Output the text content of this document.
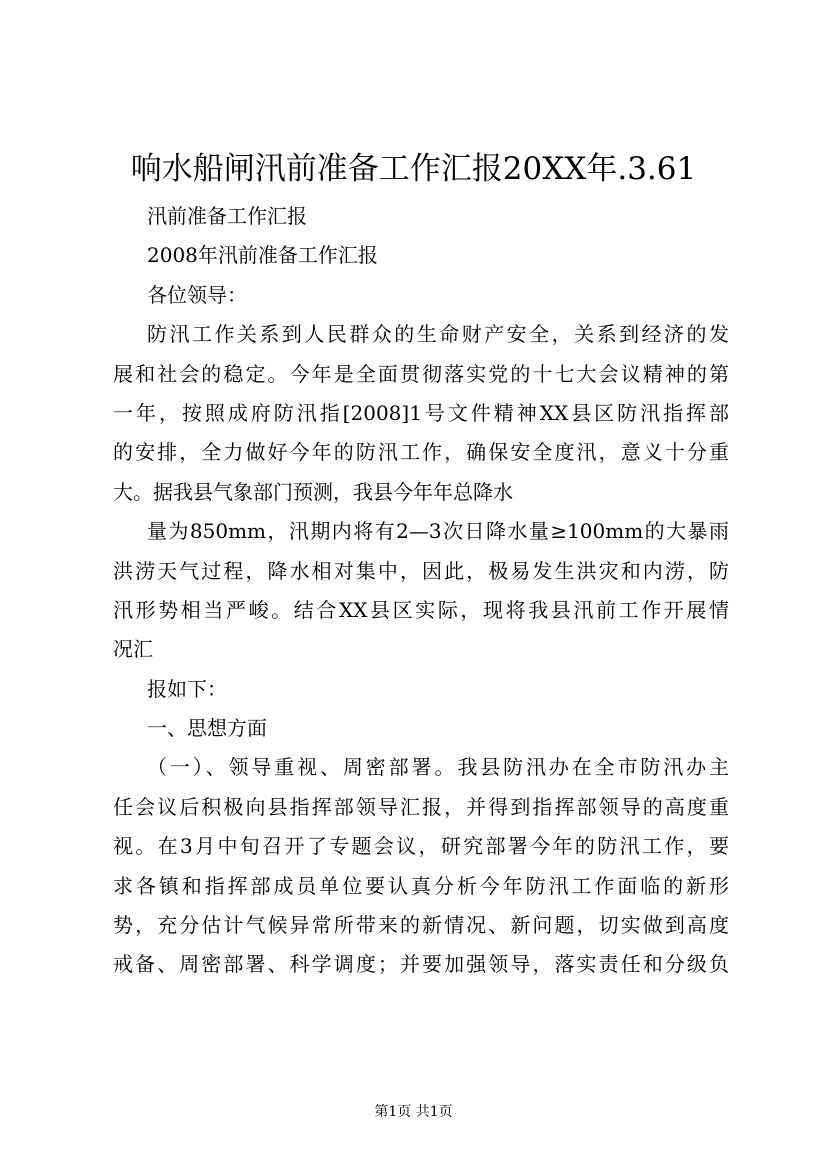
响水船闸汛前准备工作汇报20XX年.3.61
汛前准备工作汇报
2008年汛前准备工作汇报
各位领导：
防汛工作关系到人民群众的生命财产安全，关系到经济的发
展和社会的稳定。今年是全面贯彻落实党的十七大会议精神的第
一年，按照成府防汛指[2008]1号文件精神XX县区防汛指挥部
的安排，全力做好今年的防汛工作，确保安全度汛，意义十分重
大。据我县气象部门预测，我县今年年总降水
量为850mm，汛期内将有2—3次日降水量≥100mm的大暴雨
洪涝天气过程，降水相对集中，因此，极易发生洪灾和内涝，防
汛形势相当严峻。结合XX县区实际，现将我县汛前工作开展情
况汇
报如下：
一、思想方面
（一）、领导重视、周密部署。我县防汛办在全市防汛办主
任会议后积极向县指挥部领导汇报，并得到指挥部领导的高度重
视。在3月中旬召开了专题会议，研究部署今年的防汛工作，要
求各镇和指挥部成员单位要认真分析今年防汛工作面临的新形
势，充分估计气候异常所带来的新情况、新问题，切实做到高度
戒备、周密部署、科学调度；并要加强领导，落实责任和分级负
第1页 共1页
